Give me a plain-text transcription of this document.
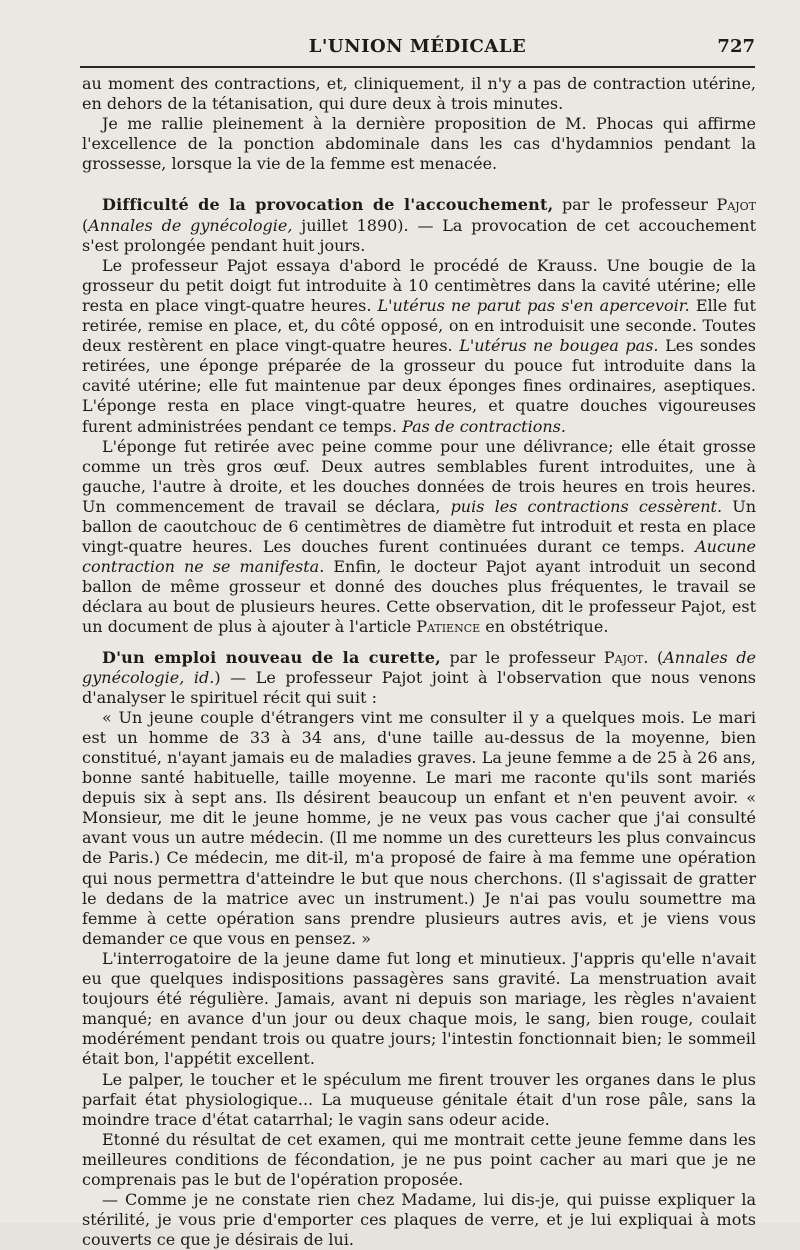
L'UNION MÉDICALE	727

au moment des contractions, et, cliniquement, il n'y a pas de contraction utérine, en dehors de la tétanisation, qui dure deux à trois minutes.

Je me rallie pleinement à la dernière proposition de M. Phocas qui affirme l'excellence de la ponction abdominale dans les cas d'hydamnios pendant la grossesse, lorsque la vie de la femme est menacée.

Difficulté de la provocation de l'accouchement, par le professeur Pajot (Annales de gynécologie, juillet 1890). — La provocation de cet accouchement s'est prolongée pendant huit jours.

Le professeur Pajot essaya d'abord le procédé de Krauss. Une bougie de la grosseur du petit doigt fut introduite à 10 centimètres dans la cavité utérine; elle resta en place vingt-quatre heures. L'utérus ne parut pas s'en apercevoir. Elle fut retirée, remise en place, et, du côté opposé, on en introduisit une seconde. Toutes deux restèrent en place vingt-quatre heures. L'utérus ne bougea pas. Les sondes retirées, une éponge préparée de la grosseur du pouce fut introduite dans la cavité utérine; elle fut maintenue par deux éponges fines ordinaires, aseptiques. L'éponge resta en place vingt-quatre heures, et quatre douches vigoureuses furent administrées pendant ce temps. Pas de contractions.

L'éponge fut retirée avec peine comme pour une délivrance; elle était grosse comme un très gros œuf. Deux autres semblables furent introduites, une à gauche, l'autre à droite, et les douches données de trois heures en trois heures. Un commencement de travail se déclara, puis les contractions cessèrent. Un ballon de caoutchouc de 6 centimètres de diamètre fut introduit et resta en place vingt-quatre heures. Les douches furent continuées durant ce temps. Aucune contraction ne se manifesta. Enfin, le docteur Pajot ayant introduit un second ballon de même grosseur et donné des douches plus fréquentes, le travail se déclara au bout de plusieurs heures. Cette observation, dit le professeur Pajot, est un document de plus à ajouter à l'article Patience en obstétrique.

D'un emploi nouveau de la curette, par le professeur Pajot. (Annales de gynécologie, id.) — Le professeur Pajot joint à l'observation que nous venons d'analyser le spirituel récit qui suit :

« Un jeune couple d'étrangers vint me consulter il y a quelques mois. Le mari est un homme de 33 à 34 ans, d'une taille au-dessus de la moyenne, bien constitué, n'ayant jamais eu de maladies graves. La jeune femme a de 25 à 26 ans, bonne santé habituelle, taille moyenne. Le mari me raconte qu'ils sont mariés depuis six à sept ans. Ils désirent beaucoup un enfant et n'en peuvent avoir. « Monsieur, me dit le jeune homme, je ne veux pas vous cacher que j'ai consulté avant vous un autre médecin. (Il me nomme un des curetteurs les plus convaincus de Paris.) Ce médecin, me dit-il, m'a proposé de faire à ma femme une opération qui nous permettra d'atteindre le but que nous cherchons. (Il s'agissait de gratter le dedans de la matrice avec un instrument.) Je n'ai pas voulu soumettre ma femme à cette opération sans prendre plusieurs autres avis, et je viens vous demander ce que vous en pensez. »

L'interrogatoire de la jeune dame fut long et minutieux. J'appris qu'elle n'avait eu que quelques indispositions passagères sans gravité. La menstruation avait toujours été régulière. Jamais, avant ni depuis son mariage, les règles n'avaient manqué; en avance d'un jour ou deux chaque mois, le sang, bien rouge, coulait modérément pendant trois ou quatre jours; l'intestin fonctionnait bien; le sommeil était bon, l'appétit excellent.

Le palper, le toucher et le spéculum me firent trouver les organes dans le plus parfait état physiologique... La muqueuse génitale était d'un rose pâle, sans la moindre trace d'état catarrhal; le vagin sans odeur acide.

Etonné du résultat de cet examen, qui me montrait cette jeune femme dans les meilleures conditions de fécondation, je ne pus point cacher au mari que je ne comprenais pas le but de l'opération proposée.

— Comme je ne constate rien chez Madame, lui dis-je, qui puisse expliquer la stérilité, je vous prie d'emporter ces plaques de verre, et je lui expliquai à mots couverts ce que je désirais de lui.
